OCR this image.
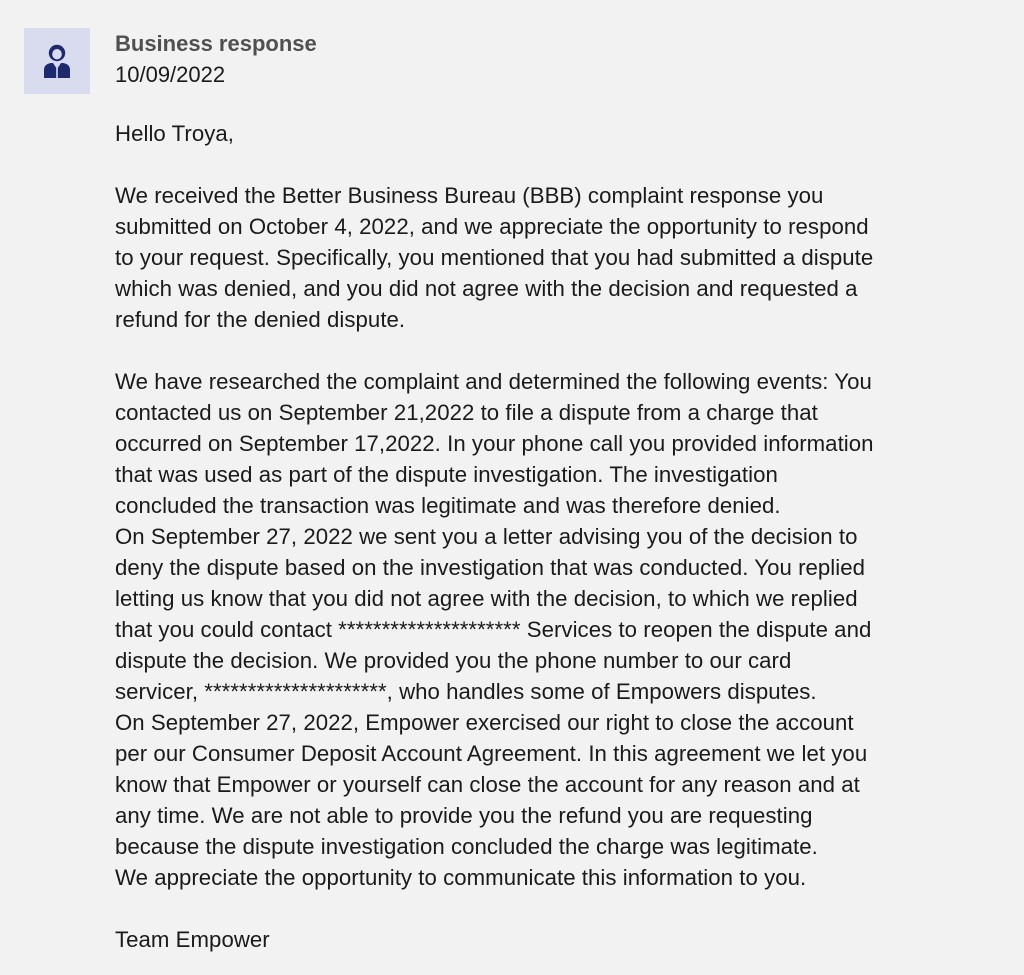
Business response
10/09/2022
Hello Troya,

We received the Better Business Bureau (BBB) complaint response you
submitted on October 4, 2022, and we appreciate the opportunity to respond
to your request. Specifically, you mentioned that you had submitted a dispute
which was denied, and you did not agree with the decision and requested a
refund for the denied dispute.

We have researched the complaint and determined the following events: You
contacted us on September 21,2022 to file a dispute from a charge that
occurred on September 17,2022. In your phone call you provided information
that was used as part of the dispute investigation. The investigation
concluded the transaction was legitimate and was therefore denied.
On September 27, 2022 we sent you a letter advising you of the decision to
deny the dispute based on the investigation that was conducted. You replied
letting us know that you did not agree with the decision, to which we replied
that you could contact ********************* Services to reopen the dispute and
dispute the decision. We provided you the phone number to our card
servicer, *********************, who handles some of Empowers disputes.
On September 27, 2022, Empower exercised our right to close the account
per our Consumer Deposit Account Agreement. In this agreement we let you
know that Empower or yourself can close the account for any reason and at
any time. We are not able to provide you the refund you are requesting
because the dispute investigation concluded the charge was legitimate.
We appreciate the opportunity to communicate this information to you.

Team Empower
